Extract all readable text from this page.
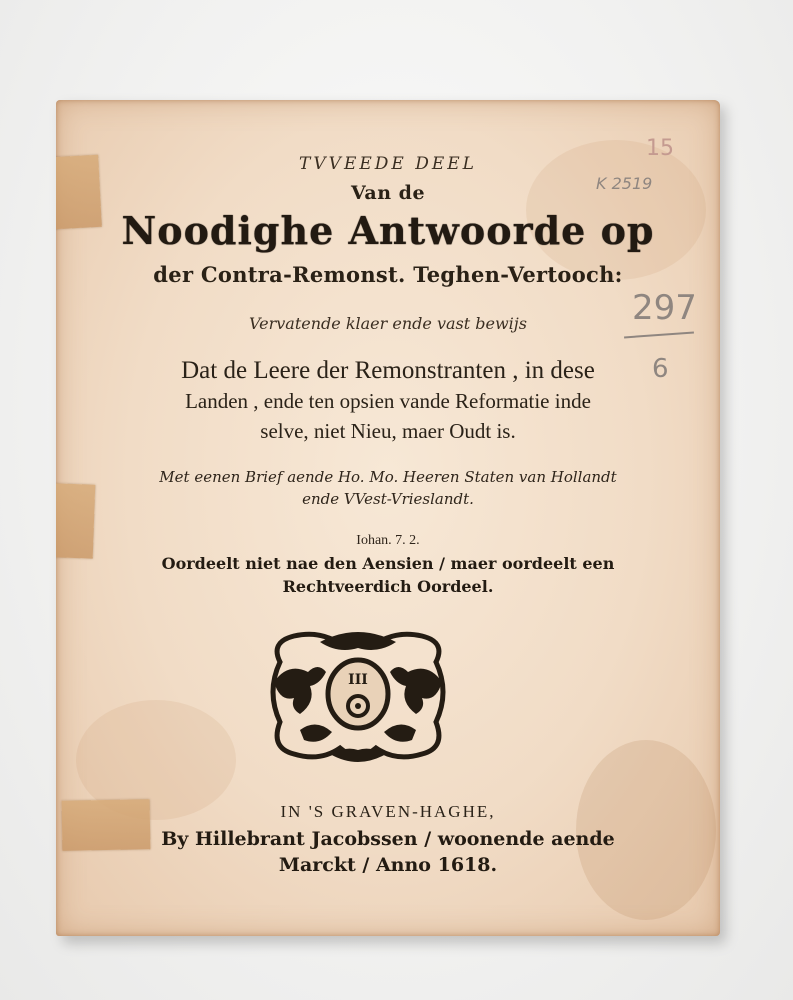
15
K 2519
297
6
TVVEEDE DEEL
Van de
Noodighe Antwoorde op
der Contra-Remonst. Teghen-Vertooch:
Vervatende klaer ende vast bewijs
Dat de Leere der Remonstranten , in dese
Landen , ende ten opsien vande Reformatie inde
selve, niet Nieu, maer Oudt is.
Met eenen Brief aende Ho. Mo. Heeren Staten van Hollandt
ende VVest-Vrieslandt.
Iohan. 7. 2.
Oordeelt niet nae den Aensien / maer oordeelt een
Rechtveerdich Oordeel.
III
IN 'S GRAVEN-HAGHE,
By Hillebrant Jacobssen / woonende aende
Marckt / Anno 1618.
